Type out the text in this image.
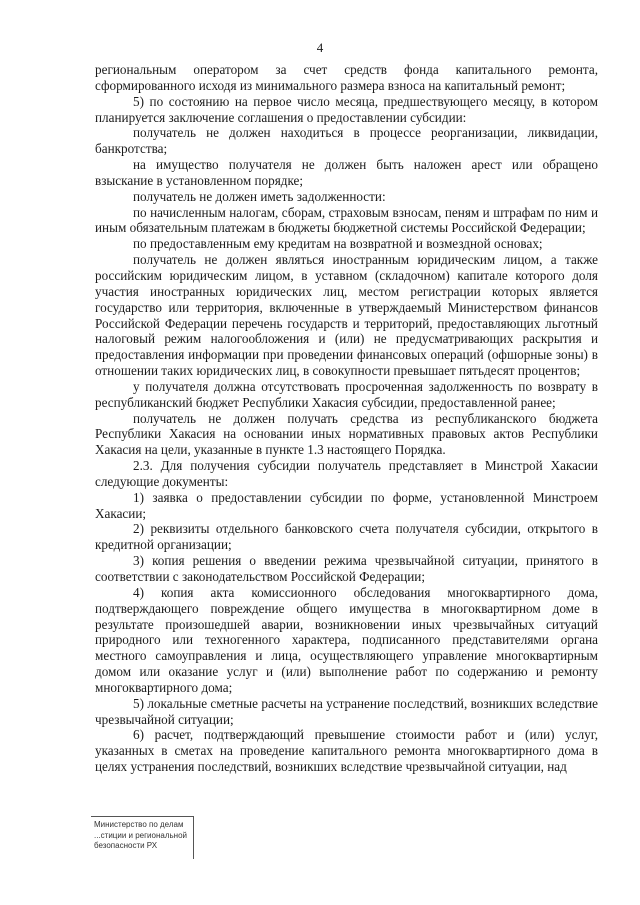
4

региональным оператором за счет средств фонда капитального ремонта, сформированного исходя из минимального размера взноса на капитальный ремонт;

5) по состоянию на первое число месяца, предшествующего месяцу, в котором планируется заключение соглашения о предоставлении субсидии:

получатель не должен находиться в процессе реорганизации, ликвидации, банкротства;

на имущество получателя не должен быть наложен арест или обращено взыскание в установленном порядке;

получатель не должен иметь задолженности:

по начисленным налогам, сборам, страховым взносам, пеням и штрафам по ним и иным обязательным платежам в бюджеты бюджетной системы Российской Федерации;

по предоставленным ему кредитам на возвратной и возмездной основах;

получатель не должен являться иностранным юридическим лицом, а также российским юридическим лицом, в уставном (складочном) капитале которого доля участия иностранных юридических лиц, местом регистрации которых является государство или территория, включенные в утверждаемый Министерством финансов Российской Федерации перечень государств и территорий, предоставляющих льготный налоговый режим налогообложения и (или) не предусматривающих раскрытия и предоставления информации при проведении финансовых операций (офшорные зоны) в отношении таких юридических лиц, в совокупности превышает пятьдесят процентов;

у получателя должна отсутствовать просроченная задолженность по возврату в республиканский бюджет Республики Хакасия субсидии, предоставленной ранее;

получатель не должен получать средства из республиканского бюджета Республики Хакасия на основании иных нормативных правовых актов Республики Хакасия на цели, указанные в пункте 1.3 настоящего Порядка.

2.3. Для получения субсидии получатель представляет в Минстрой Хакасии следующие документы:

1) заявка о предоставлении субсидии по форме, установленной Минстроем Хакасии;

2) реквизиты отдельного банковского счета получателя субсидии, открытого в кредитной организации;

3) копия решения о введении режима чрезвычайной ситуации, принятого в соответствии с законодательством Российской Федерации;

4) копия акта комиссионного обследования многоквартирного дома, подтверждающего повреждение общего имущества в многоквартирном доме в результате произошедшей аварии, возникновении иных чрезвычайных ситуаций природного или техногенного характера, подписанного представителями органа местного самоуправления и лица, осуществляющего управление многоквартирным домом или оказание услуг и (или) выполнение работ по содержанию и ремонту многоквартирного дома;

5) локальные сметные расчеты на устранение последствий, возникших вследствие чрезвычайной ситуации;

6) расчет, подтверждающий превышение стоимости работ и (или) услуг, указанных в сметах на проведение капитального ремонта многоквартирного дома в целях устранения последствий, возникших вследствие чрезвычайной ситуации, над

Министерство по делам
...стиции и региональной
безопасности РХ
